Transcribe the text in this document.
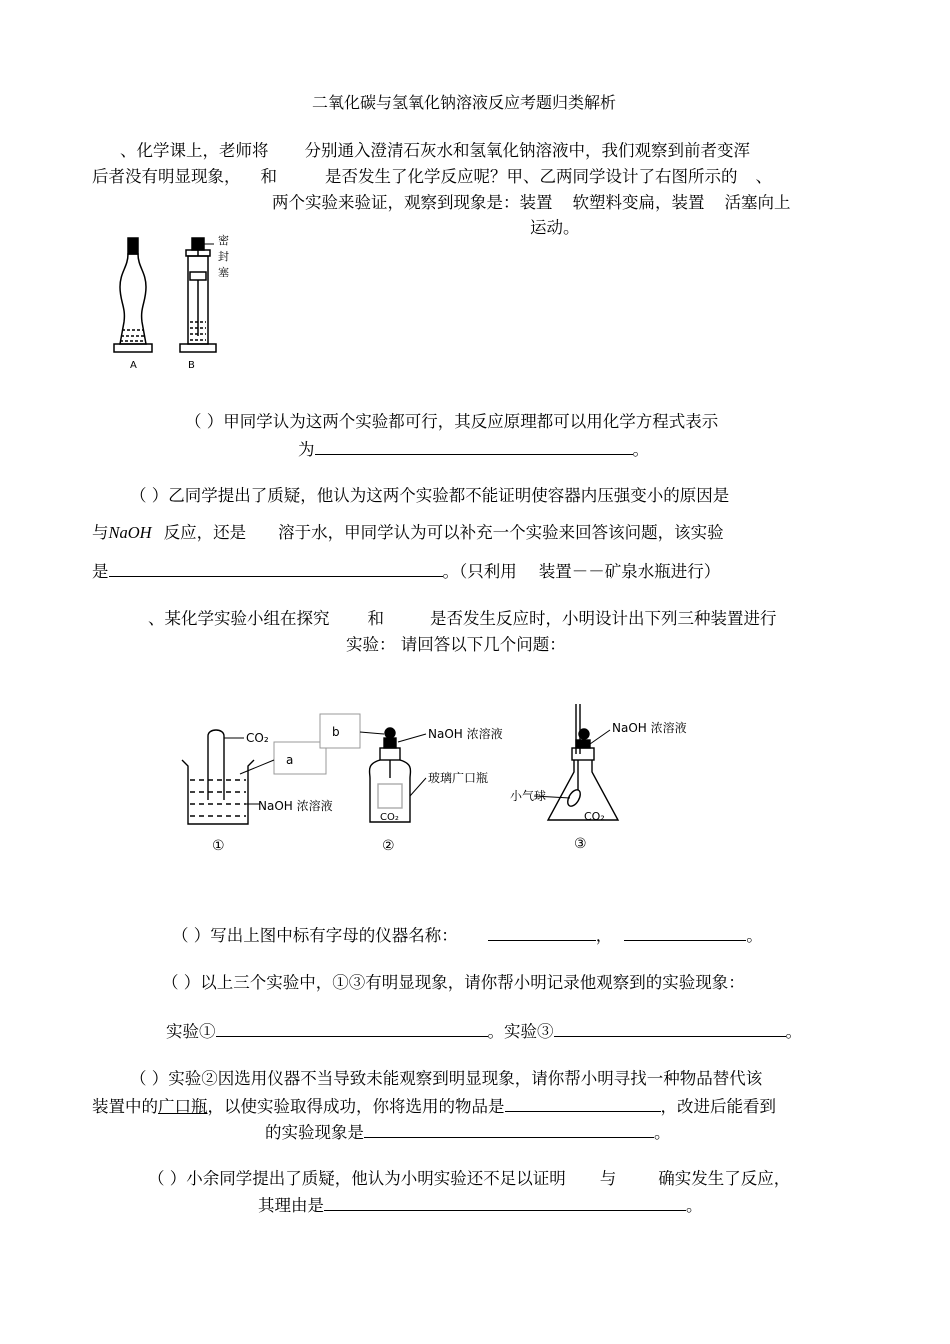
二氧化碳与氢氧化钠溶液反应考题归类解析
、化学课上，老师将 分别通入澄清石灰水和氢氧化钠溶液中，我们观察到前者变浑
后者没有明显现象， 和	是否发生了化学反应呢？甲、乙两同学设计了右图所示的 、
两个实验来验证，观察到现象是：装置 软塑料变扁，装置 活塞向上
运动。
A
密
封
塞
B
（ ）甲同学认为这两个实验都可行，其反应原理都可以用化学方程式表示
为	。
（ ）乙同学提出了质疑，他认为这两个实验都不能证明使容器内压强变小的原因是
与NaOH 反应，还是 溶于水，甲同学认为可以补充一个实验来回答该问题，该实验
是	。（只利用 装置－－矿泉水瓶进行）
、某化学实验小组在探究 和	是否发生反应时，小明设计出下列三种装置进行
实验： 请回答以下几个问题：
CO₂
NaOH 浓溶液
①
a
b	NaOH 浓溶液
玻璃广口瓶
CO₂
②
NaOH 浓溶液
小气球
CO₂
③
（ ）写出上图中标有字母的仪器名称：	，	。
（ ）以上三个实验中，①③有明显现象，请你帮小明记录他观察到的实验现象：
实验①	。实验③	。
（ ）实验②因选用仪器不当导致未能观察到明显现象，请你帮小明寻找一种物品替代该
装置中的广口瓶，以使实验取得成功，你将选用的物品是	，改进后能看到
的实验现象是	。
（ ）小余同学提出了质疑，他认为小明实验还不足以证明 与	确实发生了反应，
其理由是	。
